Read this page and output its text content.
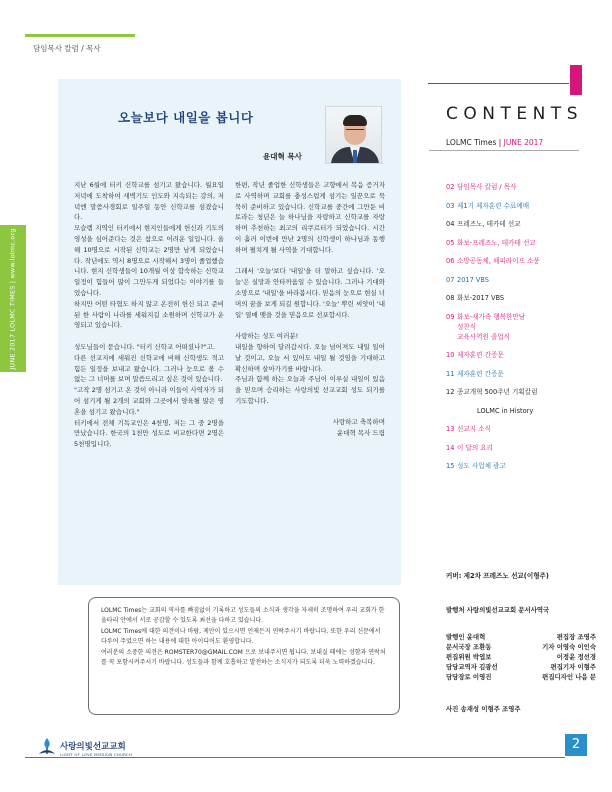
담임목사 칼럼 / 목사
JUNE 2017 LOLMC TIMES | www.lolmc.org
오늘보다 내일을 봅니다
윤대혁 목사

지난 6월에 터키 신학교를 섬기고 왔습니다. 월요일 저녁에 도착하여 새벽기도 인도와 지속되는 강의, 저녁엔 말씀사경회로 일주일 동안 신학교를 섬겼습니다.

모슬렘 지역인 터키에서 현지인들에게 헌신과 기도의 영성을 심어준다는 것은 참으로 어려운 일입니다. 올해 10명으로 시작된 신학교는 2명만 남게 되었습니다. 작년에도 역시 8명으로 시작해서 3명이 졸업했습니다. 현지 신학생들이 10개월 이상 합숙하는 신학교 일정이 힘들어 많이 그만두게 되었다는 이야기를 들었습니다.

하지만 어떤 타협도 하지 않고 온전히 헌신 되고 준비된 한 사람이 나라를 세워지길 소원하며 신학교가 운영되고 있습니다.

성도님들이 묻습니다. "터키 신학교 어떠셨나?"고.

다른 선교지에 세워진 신학교에 비해 신학생도 적고 힘든 일정을 보내고 왔습니다. 그러나 눈으로 볼 수 없는 그 너머를 보며 말씀드리고 싶은 것이 있습니다.

"고작 2명 섬기고 온 것이 아니라 이들이 사역자가 되어 섬기게 될 2개의 교회와 그곳에서 양육될 많은 영혼을 섬기고 왔습니다."

터키에서 전체 기독교인은 4천명, 저는 그 중 2명을 만났습니다. 한국의 1천만 성도로 비교한다면 2명은 5천명입니다.

한편, 작년 졸업한 신학생들은 고향에서 복음 증거자로 사역하며 교회를 충성스럽게 섬기는 일꾼으로 묵묵히 준비하고 있습니다. 신학교를 중간에 그만둔 비토라는 청년은 늘 하나님을 자랑하고 신학교를 자랑하며 추천하는 최고의 리쿠르터가 되었습니다. 시간이 흘러 이번에 만난 2명의 신학생이 하나님과 동행하며 펼치게 될 사역을 기대합니다.

그래서 '오늘'보다 '내일'을 더 말하고 싶습니다. '오늘'은 실망과 안타까움일 수 있습니다. 그러나 기대와 소망으로 '내일'을 바라봅시다. 믿음의 눈으로 현실 너머의 꿈을 보게 되길 원합니다. '오늘' 뿌린 씨앗이 '내일' 열매 맺을 것을 믿음으로 선포합시다.

사랑하는 성도 여러분!

내일을 향하여 달려갑시다. 오늘 넘어져도 내일 일어날 것이고, 오늘 서 있어도 내일 될 것임을 기대하고 확신하며 살아가기를 바랍니다.

주님과 함께 하는 오늘과 주님이 이루실 내일이 있음을 믿으며 승리하는 사랑의빛 선교교회 성도 되기를 기도합니다.

사랑하고 축복하며

윤대혁 목사 드림

CONTENTS
LOLMC Times | JUNE 2017
02 담임목사 칼럼 / 목사
03 제1기 제자훈련 수료예배
04 프레즈노, 테카테 선교
05 화보-프레즈노, 테카테 선교
06 소망공동체, 헤피라이프 소풍
07 2017 VBS
08 화보-2017 VBS
09 화보-새가족 행복한만남
성찬식
교육사역원 졸업식
10 제자훈련 간증문
11 제자훈련 간증문
12 종교개혁 500주년 기획칼럼
LOLMC in History
13 선교지 소식
14 이 달의 요리
15 성도 사업체 광고
커버: 제2차 프레즈노 선교(이형주)

LOLMC Times는 교회의 역사를 빠짐없이 기록하고 성도들의 소식과 생각을 자세히 조명하여 우리 교회가 한 울타리 안에서 서로 공감할 수 있도록 최선을 다하고 있습니다.
LOLMC Times에 대한 의견이나 바람, 제안이 있으시면 언제든지 연락주시기 바랍니다. 또한 우리 신문에서 다루어 주었으면 하는 내용에 대한 아이디어도 환영합니다.
여러분의 소중한 의견은 ROMSTER70@GMAIL.COM 으로 보내주시면 됩니다. 보내실 때에는 성함과 연락처를 꼭 포함시켜주시기 바랍니다. 성도들과 함께 호흡하고 발전하는 소식지가 되도록 더욱 노력하겠습니다.

발행처 사랑의빛선교교회 문서사역국
발행인 윤대혁	편집장 조영주
문서국장 조환동	기자 이영숙 이인숙
편집위원 박엽보	이정윤 정선경
담당교역자 김광선	편집기자 이형주
담당장로 이영진	편집디자인 나음 문
사진 송재성 이형주 조영주
사랑의빛선교교회
LIGHT OF LOVE MISSION CHURCH
2
